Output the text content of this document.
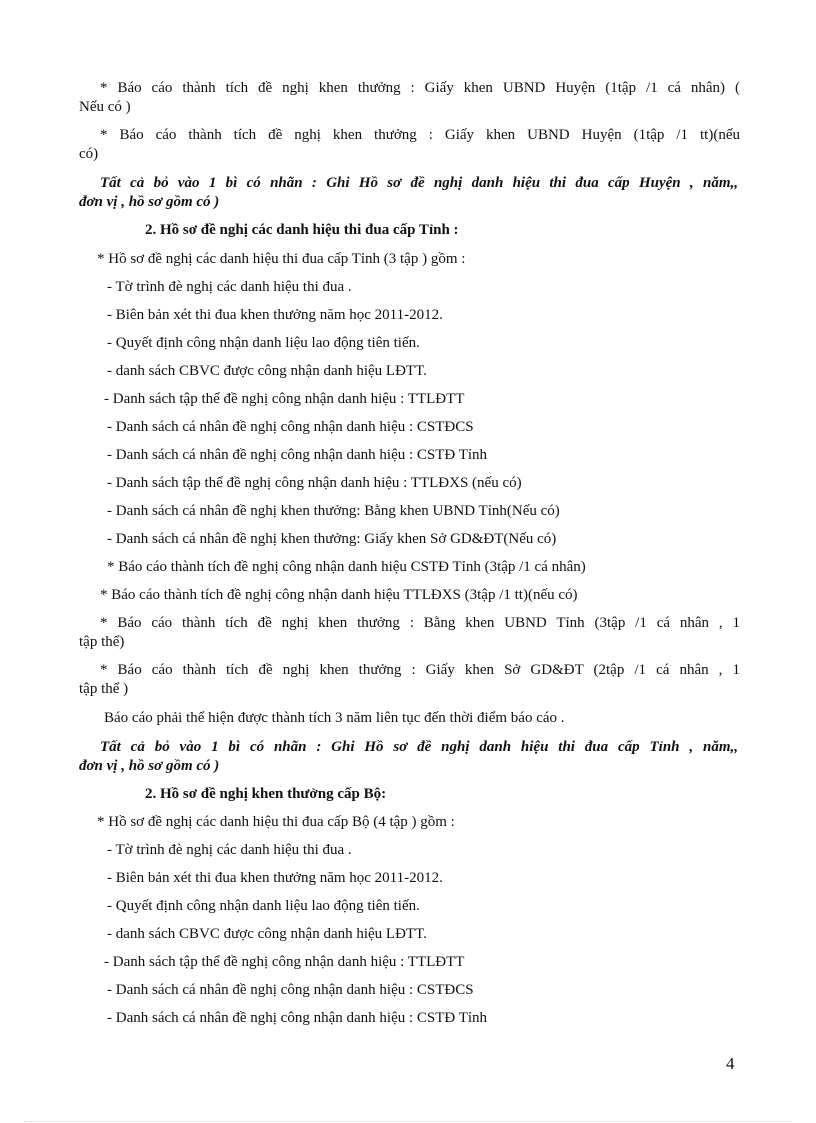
* Báo cáo thành tích đề nghị khen thưởng : Giấy khen UBND Huyện (1tập /1 cá nhân) (
Nếu có )
* Báo cáo thành tích đề nghị khen thưởng : Giấy khen UBND Huyện (1tập /1 tt)(nếu
có)
Tất cả bỏ vào 1 bì có nhãn : Ghi Hồ sơ đề nghị danh hiệu thi đua cấp Huyện , năm,,
đơn vị , hồ sơ gồm có )
2. Hồ sơ đề nghị các danh hiệu thi đua cấp Tỉnh :
* Hồ sơ đề nghị các danh hiệu thi đua cấp Tỉnh (3 tập ) gồm :
- Tờ trình đè nghị các danh hiệu thi đua .
- Biên bản xét thi đua khen thưởng năm học 2011-2012.
- Quyết định công nhận danh liệu lao động tiên tiến.
- danh sách CBVC được công nhận danh hiệu LĐTT.
- Danh sách tập thể đề nghị công nhận danh hiệu : TTLĐTT
- Danh sách cá nhân đề nghị công nhận danh hiệu : CSTĐCS
- Danh sách cá nhân đề nghị công nhận danh hiệu : CSTĐ Tỉnh
- Danh sách tập thể đề nghị công nhận danh hiệu : TTLĐXS (nếu có)
- Danh sách cá nhân đề nghị khen thưởng: Bằng khen UBND Tỉnh(Nếu có)
- Danh sách cá nhân đề nghị khen thưởng: Giấy khen Sở GD&ĐT(Nếu có)
* Báo cáo thành tích đề nghị công nhận danh hiệu CSTĐ Tỉnh (3tập /1 cá nhân)
* Báo cáo thành tích đề nghị công nhận danh hiệu TTLĐXS (3tập /1 tt)(nếu có)
* Báo cáo thành tích đề nghị khen thưởng : Bằng khen UBND Tỉnh (3tập /1 cá nhân , 1
tập thể)
* Báo cáo thành tích đề nghị khen thưởng : Giấy khen Sở GD&ĐT (2tập /1 cá nhân , 1
tập thể )
Báo cáo phải thể hiện được thành tích 3 năm liên tục đến thời điểm báo cáo .
Tất cả bỏ vào 1 bì có nhãn : Ghi Hồ sơ đề nghị danh hiệu thi đua cấp Tỉnh , năm,,
đơn vị , hồ sơ gồm có )
2. Hồ sơ đề nghị khen thưởng cấp Bộ:
* Hồ sơ đề nghị các danh hiệu thi đua cấp Bộ (4 tập ) gồm :
- Tờ trình đè nghị các danh hiệu thi đua .
- Biên bản xét thi đua khen thưởng năm học 2011-2012.
- Quyết định công nhận danh liệu lao động tiên tiến.
- danh sách CBVC được công nhận danh hiệu LĐTT.
- Danh sách tập thể đề nghị công nhận danh hiệu : TTLĐTT
- Danh sách cá nhân đề nghị công nhận danh hiệu : CSTĐCS
- Danh sách cá nhân đề nghị công nhận danh hiệu : CSTĐ Tỉnh
4
